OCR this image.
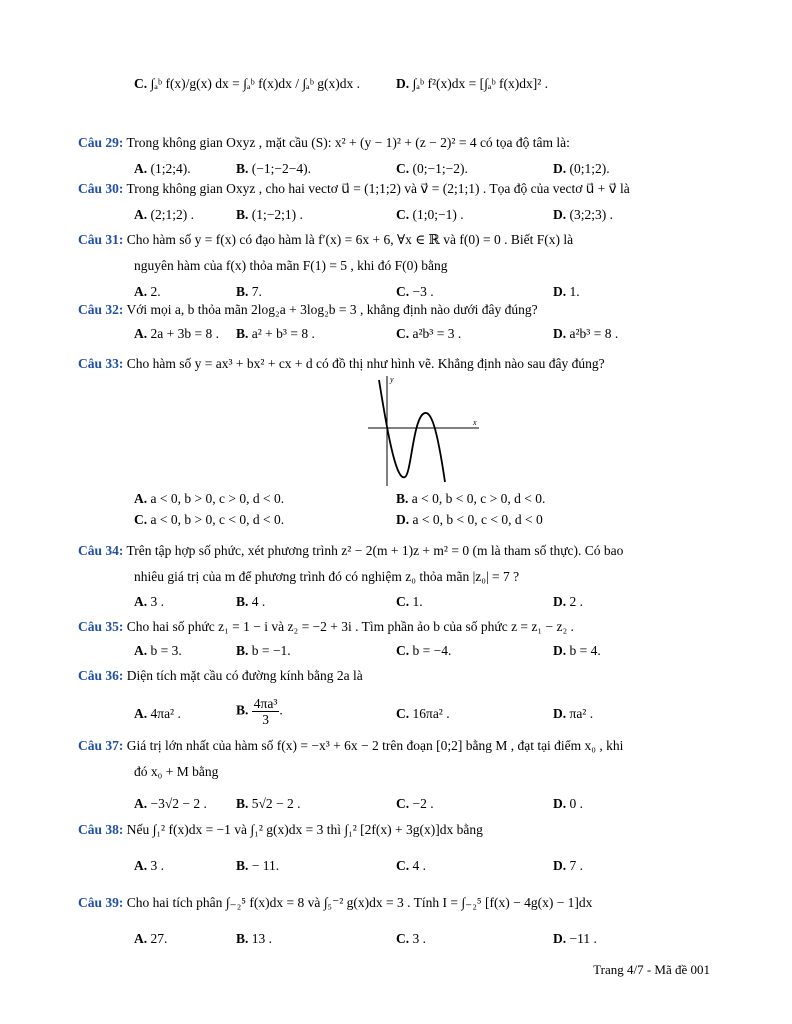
C. ∫ₐᵇ f(x)/g(x) dx = ∫ₐᵇ f(x)dx / ∫ₐᵇ g(x)dx .	D. ∫ₐᵇ f²(x)dx = [∫ₐᵇ f(x)dx]² .
Câu 29: Trong không gian Oxyz , mặt cầu (S): x² + (y − 1)² + (z − 2)² = 4 có tọa độ tâm là:
A. (1;2;4).	B. (−1;−2−4).	C. (0;−1;−2).	D. (0;1;2).
Câu 30: Trong không gian Oxyz , cho hai vectơ u⃗ = (1;1;2) và v⃗ = (2;1;1) . Tọa độ của vectơ u⃗ + v⃗ là
A. (2;1;2) .	B. (1;−2;1) .	C. (1;0;−1) .	D. (3;2;3) .
Câu 31: Cho hàm số y = f(x) có đạo hàm là f′(x) = 6x + 6, ∀x ∈ ℝ và f(0) = 0 . Biết F(x) là
nguyên hàm của f(x) thỏa mãn F(1) = 5 , khi đó F(0) bằng
A. 2.	B. 7.	C. −3 .	D. 1.
Câu 32: Với mọi a, b thỏa mãn 2log₂a + 3log₂b = 3 , khẳng định nào dưới đây đúng?
A. 2a + 3b = 8 . B. a² + b³ = 8 .	C. a²b³ = 3 .	D. a²b³ = 8 .
Câu 33: Cho hàm số y = ax³ + bx² + cx + d có đồ thị như hình vẽ. Khẳng định nào sau đây đúng?
x
y
A. a < 0, b > 0, c > 0, d < 0.	B. a < 0, b < 0, c > 0, d < 0.
C. a < 0, b > 0, c < 0, d < 0.	D. a < 0, b < 0, c < 0, d < 0
Câu 34: Trên tập hợp số phức, xét phương trình z² − 2(m + 1)z + m² = 0 (m là tham số thực). Có bao
nhiêu giá trị của m để phương trình đó có nghiệm z₀ thỏa mãn |z₀| = 7 ?
A. 3 .	B. 4 .	C. 1.	D. 2 .
Câu 35: Cho hai số phức z₁ = 1 − i và z₂ = −2 + 3i . Tìm phần ảo b của số phức z = z₁ − z₂ .
A. b = 3.	B. b = −1.	C. b = −4.	D. b = 4.
Câu 36: Diện tích mặt cầu có đường kính bằng 2a là
A. 4πa² .	B. $\frac{\text{4πa³}}{3}$ .	C. 16πa² .	D. πa² .
Câu 37: Giá trị lớn nhất của hàm số f(x) = −x³ + 6x − 2 trên đoạn [0;2] bằng M , đạt tại điểm x₀ , khi
đó x₀ + M bằng
A. −3√2 − 2 . B. 5√2 − 2 .	C. −2 .	D. 0 .
Câu 38: Nếu ∫₁² f(x)dx = −1 và ∫₁² g(x)dx = 3 thì ∫₁² [2f(x) + 3g(x)]dx bằng
A. 3 .	B. − 11.	C. 4 .	D. 7 .
Câu 39: Cho hai tích phân ∫₋₂⁵ f(x)dx = 8 và ∫₅⁻² g(x)dx = 3 . Tính I = ∫₋₂⁵ [f(x) − 4g(x) − 1]dx
A. 27.	B. 13 .	C. 3 .	D. −11 .
Trang 4/7 - Mã đề 001
